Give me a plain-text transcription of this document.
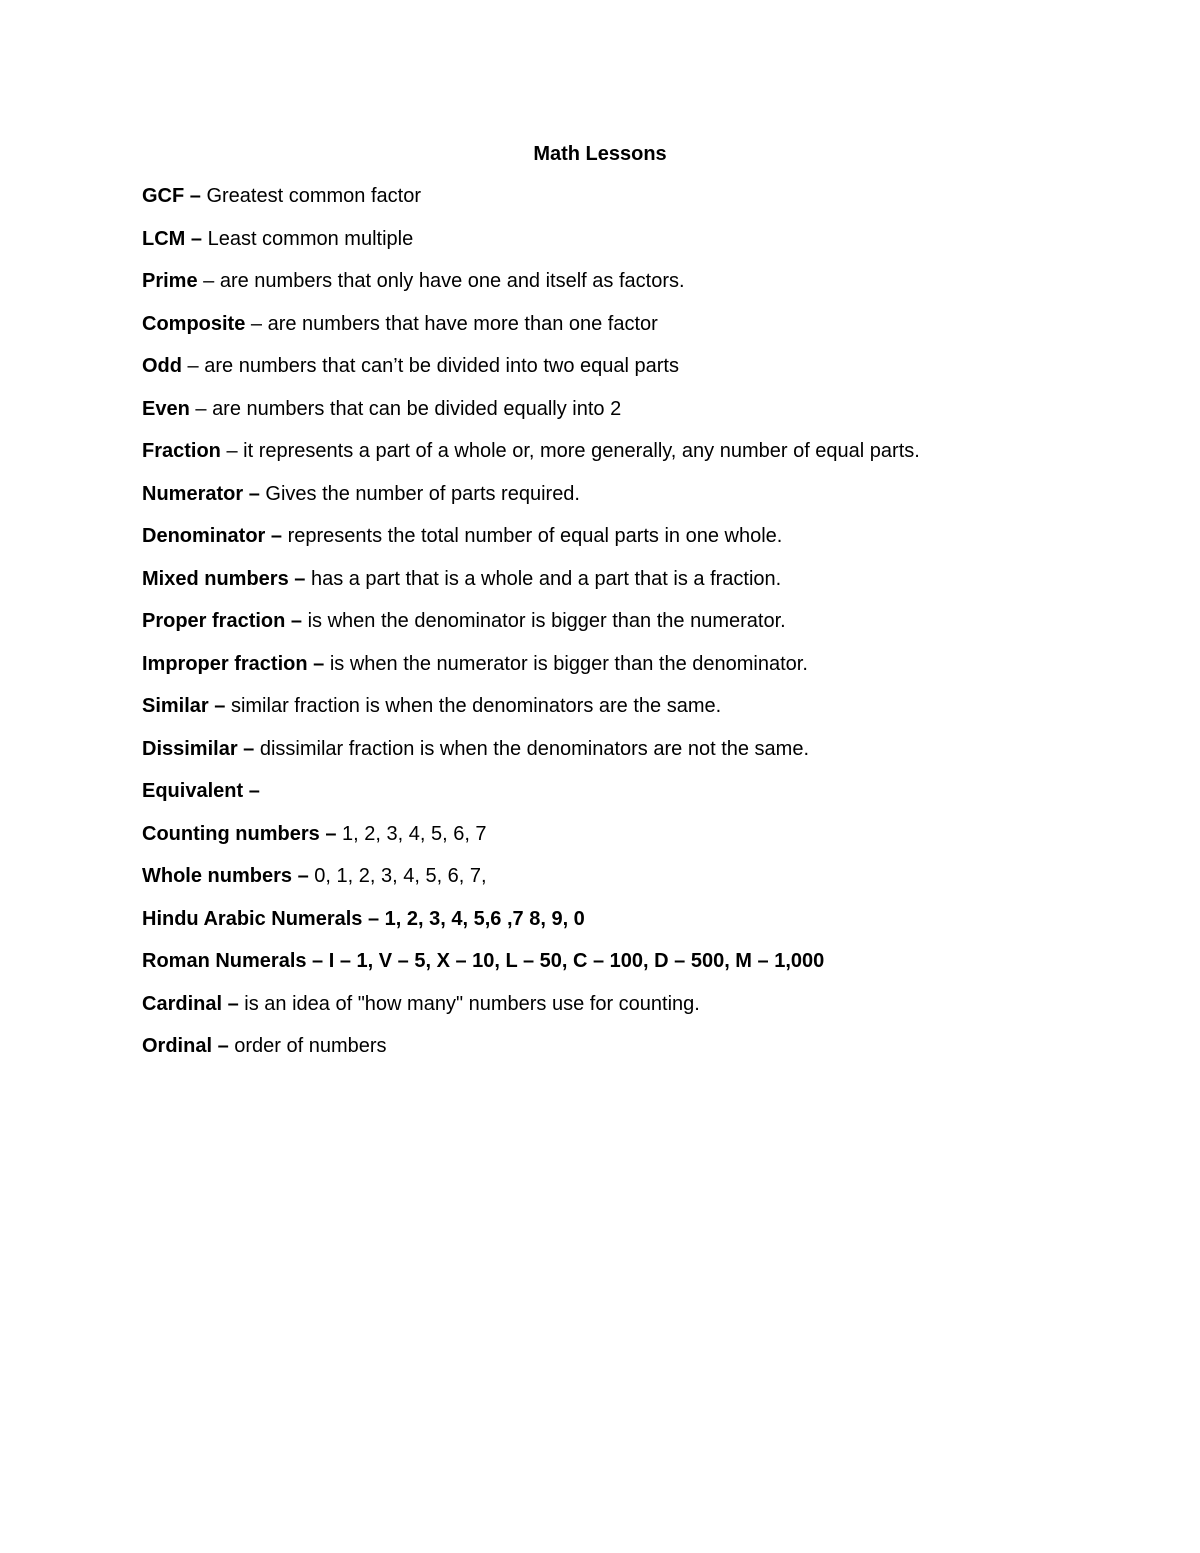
Math Lessons
GCF – Greatest common factor
LCM – Least common multiple
Prime – are numbers that only have one and itself as factors.
Composite – are numbers that have more than one factor
Odd – are numbers that can’t be divided into two equal parts
Even – are numbers that can be divided equally into 2
Fraction – it represents a part of a whole or, more generally, any number of equal parts.
Numerator – Gives the number of parts required.
Denominator – represents the total number of equal parts in one whole.
Mixed numbers – has a part that is a whole and a part that is a fraction.
Proper fraction – is when the denominator is bigger than the numerator.
Improper fraction – is when the numerator is bigger than the denominator.
Similar – similar fraction is when the denominators are the same.
Dissimilar – dissimilar fraction is when the denominators are not the same.
Equivalent –
Counting numbers – 1, 2, 3, 4, 5, 6, 7
Whole numbers – 0, 1, 2, 3, 4, 5, 6, 7,
Hindu Arabic Numerals – 1, 2, 3, 4, 5,6 ,7 8, 9, 0
Roman Numerals – I – 1, V – 5, X – 10, L – 50, C – 100, D – 500, M – 1,000
Cardinal – is an idea of "how many" numbers use for counting.
Ordinal – order of numbers
